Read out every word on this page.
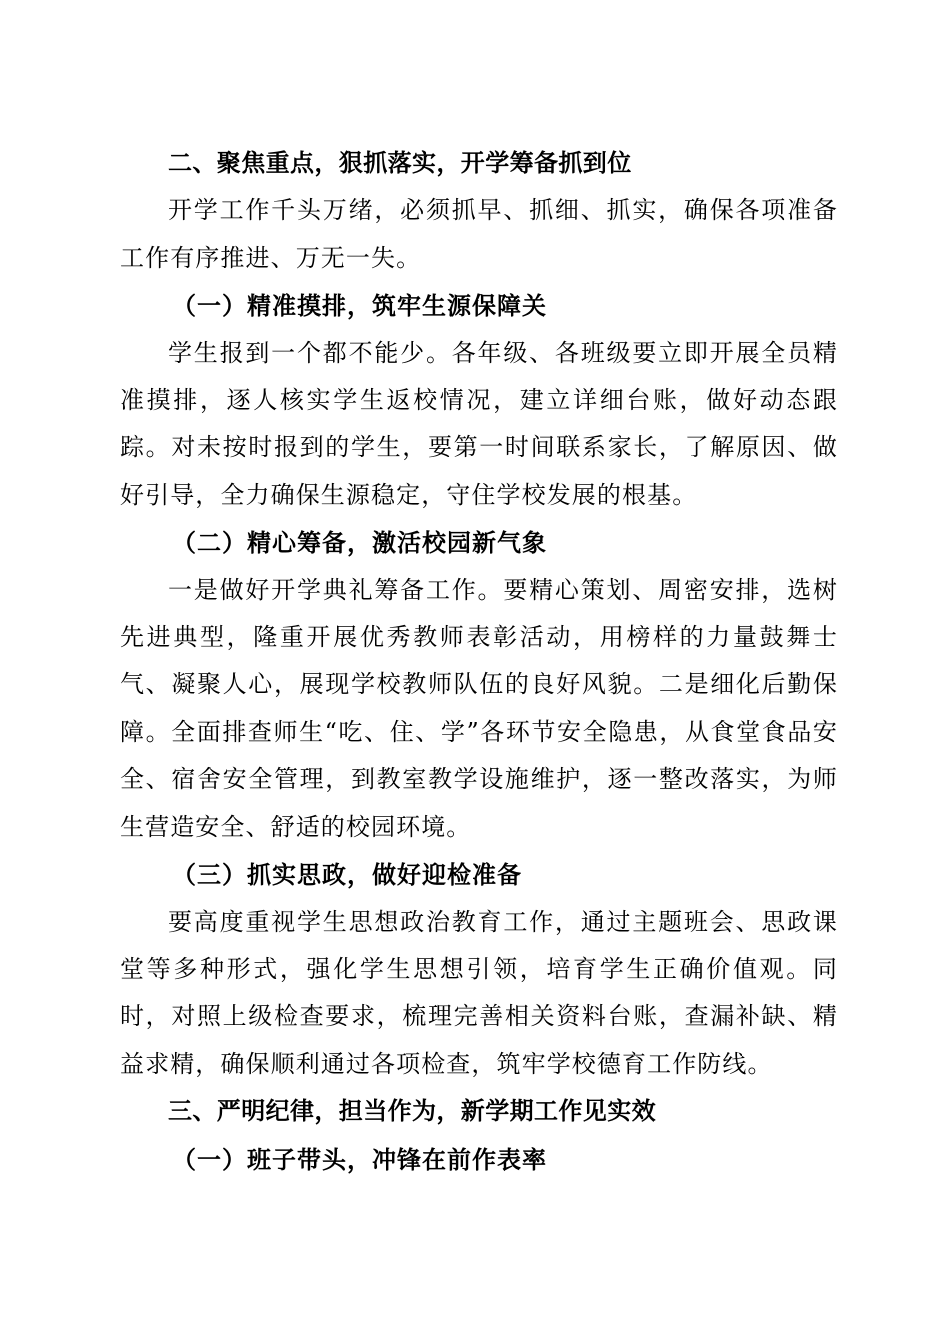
二、聚焦重点，狠抓落实，开学筹备抓到位

开学工作千头万绪，必须抓早、抓细、抓实，确保各项准备工作有序推进、万无一失。

（一）精准摸排，筑牢生源保障关

学生报到一个都不能少。各年级、各班级要立即开展全员精准摸排，逐人核实学生返校情况，建立详细台账，做好动态跟踪。对未按时报到的学生，要第一时间联系家长，了解原因、做好引导，全力确保生源稳定，守住学校发展的根基。

（二）精心筹备，激活校园新气象

一是做好开学典礼筹备工作。要精心策划、周密安排，选树先进典型，隆重开展优秀教师表彰活动，用榜样的力量鼓舞士气、凝聚人心，展现学校教师队伍的良好风貌。二是细化后勤保障。全面排查师生“吃、住、学”各环节安全隐患，从食堂食品安全、宿舍安全管理，到教室教学设施维护，逐一整改落实，为师生营造安全、舒适的校园环境。

（三）抓实思政，做好迎检准备

要高度重视学生思想政治教育工作，通过主题班会、思政课堂等多种形式，强化学生思想引领，培育学生正确价值观。同时，对照上级检查要求，梳理完善相关资料台账，查漏补缺、精益求精，确保顺利通过各项检查，筑牢学校德育工作防线。

三、严明纪律，担当作为，新学期工作见实效

（一）班子带头，冲锋在前作表率
